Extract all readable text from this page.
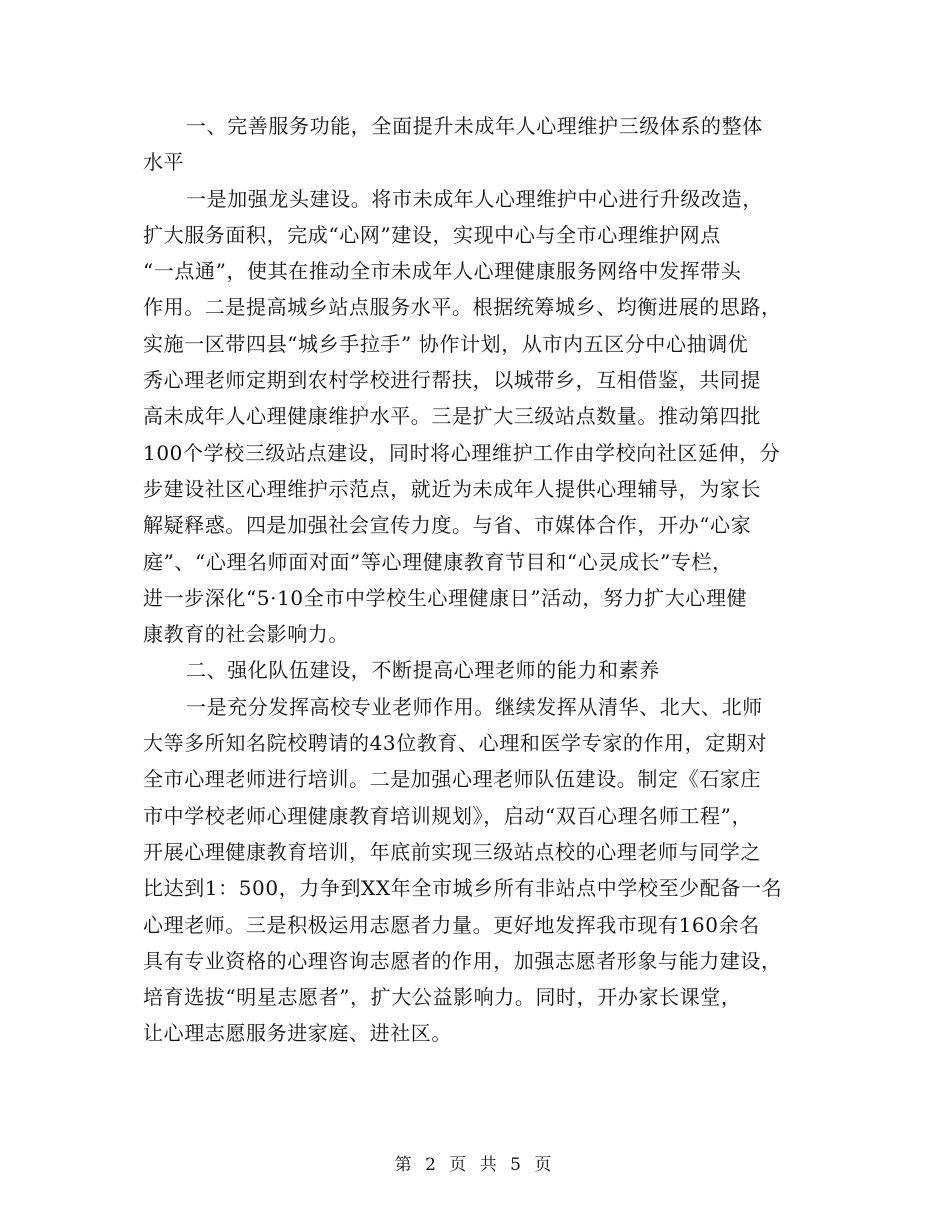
一、完善服务功能，全面提升未成年人心理维护三级体系的整体
水平
一是加强龙头建设。将市未成年人心理维护中心进行升级改造，
扩大服务面积，完成“心网”建设，实现中心与全市心理维护网点
“一点通”，使其在推动全市未成年人心理健康服务网络中发挥带头
作用。二是提高城乡站点服务水平。根据统筹城乡、均衡进展的思路，
实施一区带四县“城乡手拉手” 协作计划，从市内五区分中心抽调优
秀心理老师定期到农村学校进行帮扶，以城带乡，互相借鉴，共同提
高未成年人心理健康维护水平。三是扩大三级站点数量。推动第四批
100个学校三级站点建设，同时将心理维护工作由学校向社区延伸，分
步建设社区心理维护示范点，就近为未成年人提供心理辅导，为家长
解疑释惑。四是加强社会宣传力度。与省、市媒体合作，开办“心家
庭”、“心理名师面对面”等心理健康教育节目和“心灵成长”专栏，
进一步深化“5·10全市中学校生心理健康日”活动，努力扩大心理健
康教育的社会影响力。
二、强化队伍建设，不断提高心理老师的能力和素养
一是充分发挥高校专业老师作用。继续发挥从清华、北大、北师
大等多所知名院校聘请的43位教育、心理和医学专家的作用，定期对
全市心理老师进行培训。二是加强心理老师队伍建设。制定《石家庄
市中学校老师心理健康教育培训规划》，启动“双百心理名师工程”，
开展心理健康教育培训，年底前实现三级站点校的心理老师与同学之
比达到1：500，力争到XX年全市城乡所有非站点中学校至少配备一名
心理老师。三是积极运用志愿者力量。更好地发挥我市现有160余名
具有专业资格的心理咨询志愿者的作用，加强志愿者形象与能力建设，
培育选拔“明星志愿者”，扩大公益影响力。同时，开办家长课堂，
让心理志愿服务进家庭、进社区。
第 2 页 共 5 页
